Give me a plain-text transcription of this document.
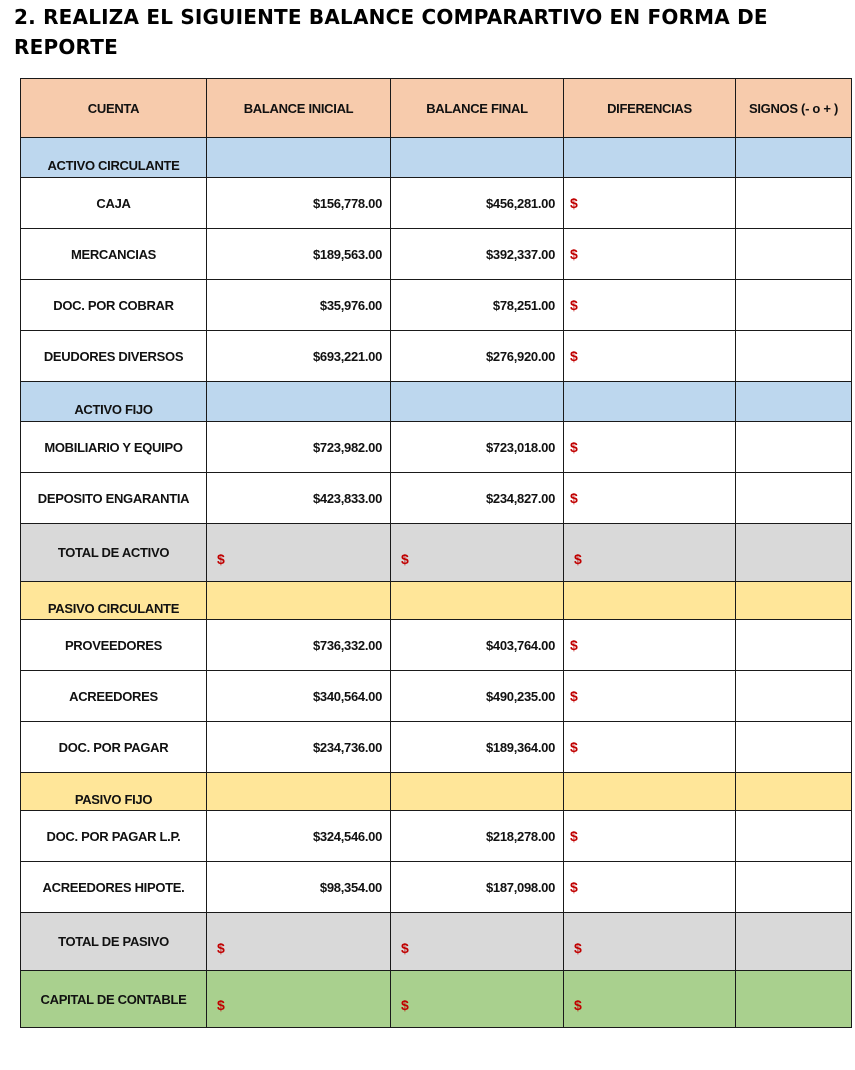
2. REALIZA EL SIGUIENTE BALANCE COMPARARTIVO EN FORMA DE REPORTE
CUENTA	BALANCE INICIAL	BALANCE FINAL	DIFERENCIAS	SIGNOS (- o + )

ACTIVO CIRCULANTE				

CAJA	$156,778.00	$456,281.00	$	
MERCANCIAS	$189,563.00	$392,337.00	$	
DOC. POR COBRAR	$35,976.00	$78,251.00	$	
DEUDORES DIVERSOS	$693,221.00	$276,920.00	$	

ACTIVO FIJO				

MOBILIARIO Y EQUIPO	$723,982.00	$723,018.00	$	
DEPOSITO ENGARANTIA	$423,833.00	$234,827.00	$	
TOTAL DE ACTIVO	$	$	$	

PASIVO CIRCULANTE				

PROVEEDORES	$736,332.00	$403,764.00	$	
ACREEDORES	$340,564.00	$490,235.00	$	
DOC. POR PAGAR	$234,736.00	$189,364.00	$	

PASIVO FIJO				

DOC. POR PAGAR L.P.	$324,546.00	$218,278.00	$	
ACREEDORES HIPOTE.	$98,354.00	$187,098.00	$	
TOTAL DE PASIVO	$	$	$	
CAPITAL DE CONTABLE	$	$	$	
